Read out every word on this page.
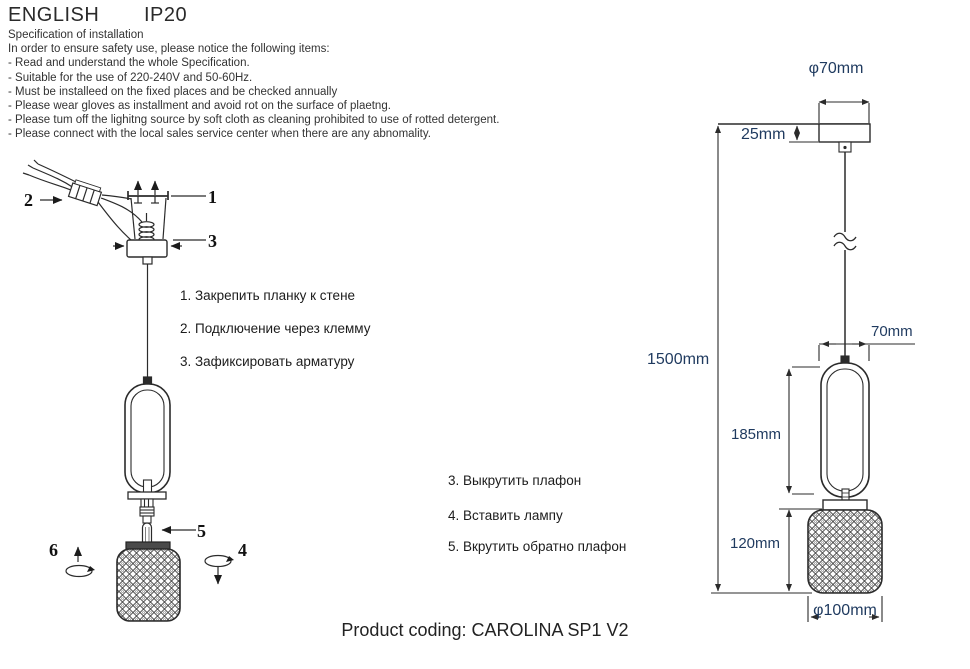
ENGLISH IP20
Specification of installation
In order to ensure safety use, please notice the following items:
- Read and understand the whole Specification.
- Suitable for the use of 220-240V and 50-60Hz.
- Must be installeed on the fixed places and be checked annually
- Please wear gloves as installment and avoid rot on the surface of plaetng.
- Please tum off the lighitng source by soft cloth as cleaning prohibited to use of rotted detergent.
- Please connect with the local sales service center when there are any abnomality.
2	1
3
5
6	4
1. Закрепить планку к стене
2. Подключение через клемму
3. Зафиксировать арматуру
3. Выкрутить плафон
4. Вставить лампу
5. Вкрутить обратно плафон
φ70mm
25mm
1500mm
70mm
185mm
120mm
φ100mm
Product coding: CAROLINA SP1 V2
